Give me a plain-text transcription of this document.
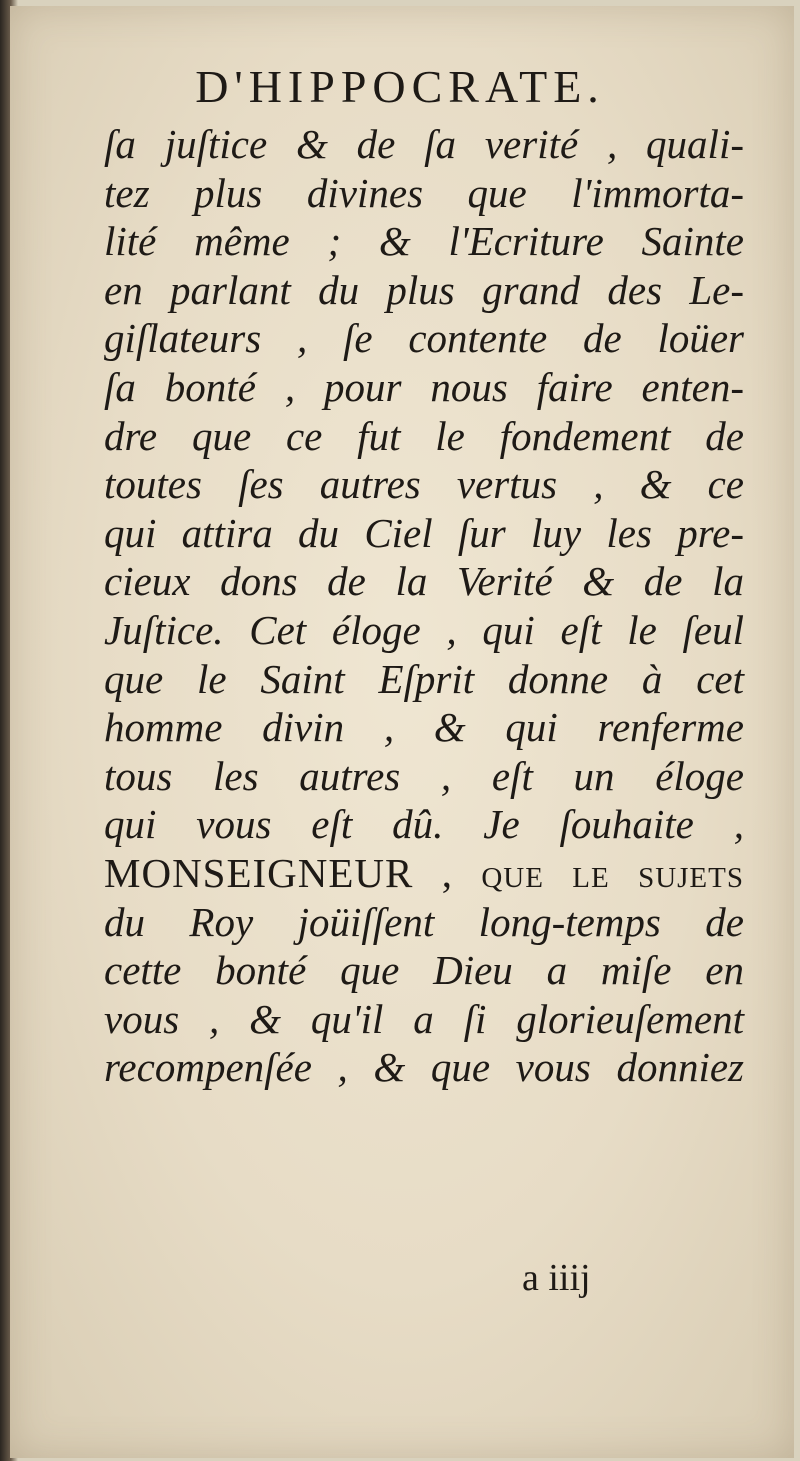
D'HIPPOCRATE.
ſa juſtice & de ſa verité , quali-
tez plus divines que l'immorta-
lité même ; & l'Ecriture Sainte
en parlant du plus grand des Le-
giſlateurs , ſe contente de loüer
ſa bonté , pour nous faire enten-
dre que ce fut le fondement de
toutes ſes autres vertus , & ce
qui attira du Ciel ſur luy les pre-
cieux dons de la Verité & de la
Juſtice. Cet éloge , qui eſt le ſeul
que le Saint Eſprit donne à cet
homme divin , & qui renferme
tous les autres , eſt un éloge
qui vous eſt dû. Je ſouhaite ,
MONSEIGNEUR , que le ſujets
du Roy joüiſſent long-temps de
cette bonté que Dieu a miſe en
vous , & qu'il a ſi glorieuſement
recompenſée , & que vous donniez
a iiij
